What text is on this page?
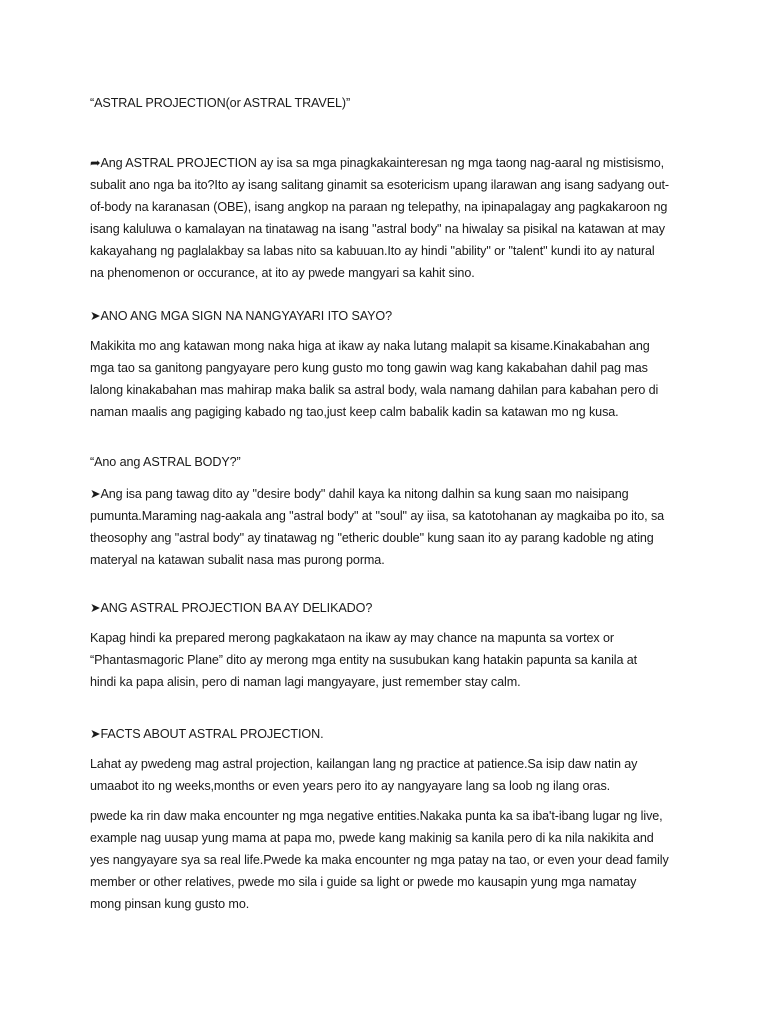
“ASTRAL PROJECTION(or ASTRAL TRAVEL)”
➦Ang ASTRAL PROJECTION ay isa sa mga pinagkakainteresan ng mga taong nag-aaral ng mistisismo,
subalit ano nga ba ito?Ito ay isang salitang ginamit sa esotericism upang ilarawan ang isang sadyang out-
of-body na karanasan (OBE), isang angkop na paraan ng telepathy, na ipinapalagay ang pagkakaroon ng
isang kaluluwa o kamalayan na tinatawag na isang "astral body" na hiwalay sa pisikal na katawan at may
kakayahang ng paglalakbay sa labas nito sa kabuuan.Ito ay hindi "ability" or "talent" kundi ito ay natural
na phenomenon or occurance, at ito ay pwede mangyari sa kahit sino.
➤ANO ANG MGA SIGN NA NANGYAYARI ITO SAYO?
Makikita mo ang katawan mong naka higa at ikaw ay naka lutang malapit sa kisame.Kinakabahan ang
mga tao sa ganitong pangyayare pero kung gusto mo tong gawin wag kang kakabahan dahil pag mas
lalong kinakabahan mas mahirap maka balik sa astral body, wala namang dahilan para kabahan pero di
naman maalis ang pagiging kabado ng tao,just keep calm babalik kadin sa katawan mo ng kusa.
“Ano ang ASTRAL BODY?”
➤Ang isa pang tawag dito ay "desire body" dahil kaya ka nitong dalhin sa kung saan mo naisipang
pumunta.Maraming nag-aakala ang "astral body" at "soul" ay iisa, sa katotohanan ay magkaiba po ito, sa
theosophy ang "astral body" ay tinatawag ng "etheric double" kung saan ito ay parang kadoble ng ating
materyal na katawan subalit nasa mas purong porma.
➤ANG ASTRAL PROJECTION BA AY DELIKADO?
Kapag hindi ka prepared merong pagkakataon na ikaw ay may chance na mapunta sa vortex or
“Phantasmagoric Plane” dito ay merong mga entity na susubukan kang hatakin papunta sa kanila at
hindi ka papa alisin, pero di naman lagi mangyayare, just remember stay calm.
➤FACTS ABOUT ASTRAL PROJECTION.
Lahat ay pwedeng mag astral projection, kailangan lang ng practice at patience.Sa isip daw natin ay
umaabot ito ng weeks,months or even years pero ito ay nangyayare lang sa loob ng ilang oras.
pwede ka rin daw maka encounter ng mga negative entities.Nakaka punta ka sa iba't-ibang lugar ng live,
example nag uusap yung mama at papa mo, pwede kang makinig sa kanila pero di ka nila nakikita and
yes nangyayare sya sa real life.Pwede ka maka encounter ng mga patay na tao, or even your dead family
member or other relatives, pwede mo sila i guide sa light or pwede mo kausapin yung mga namatay
mong pinsan kung gusto mo.
